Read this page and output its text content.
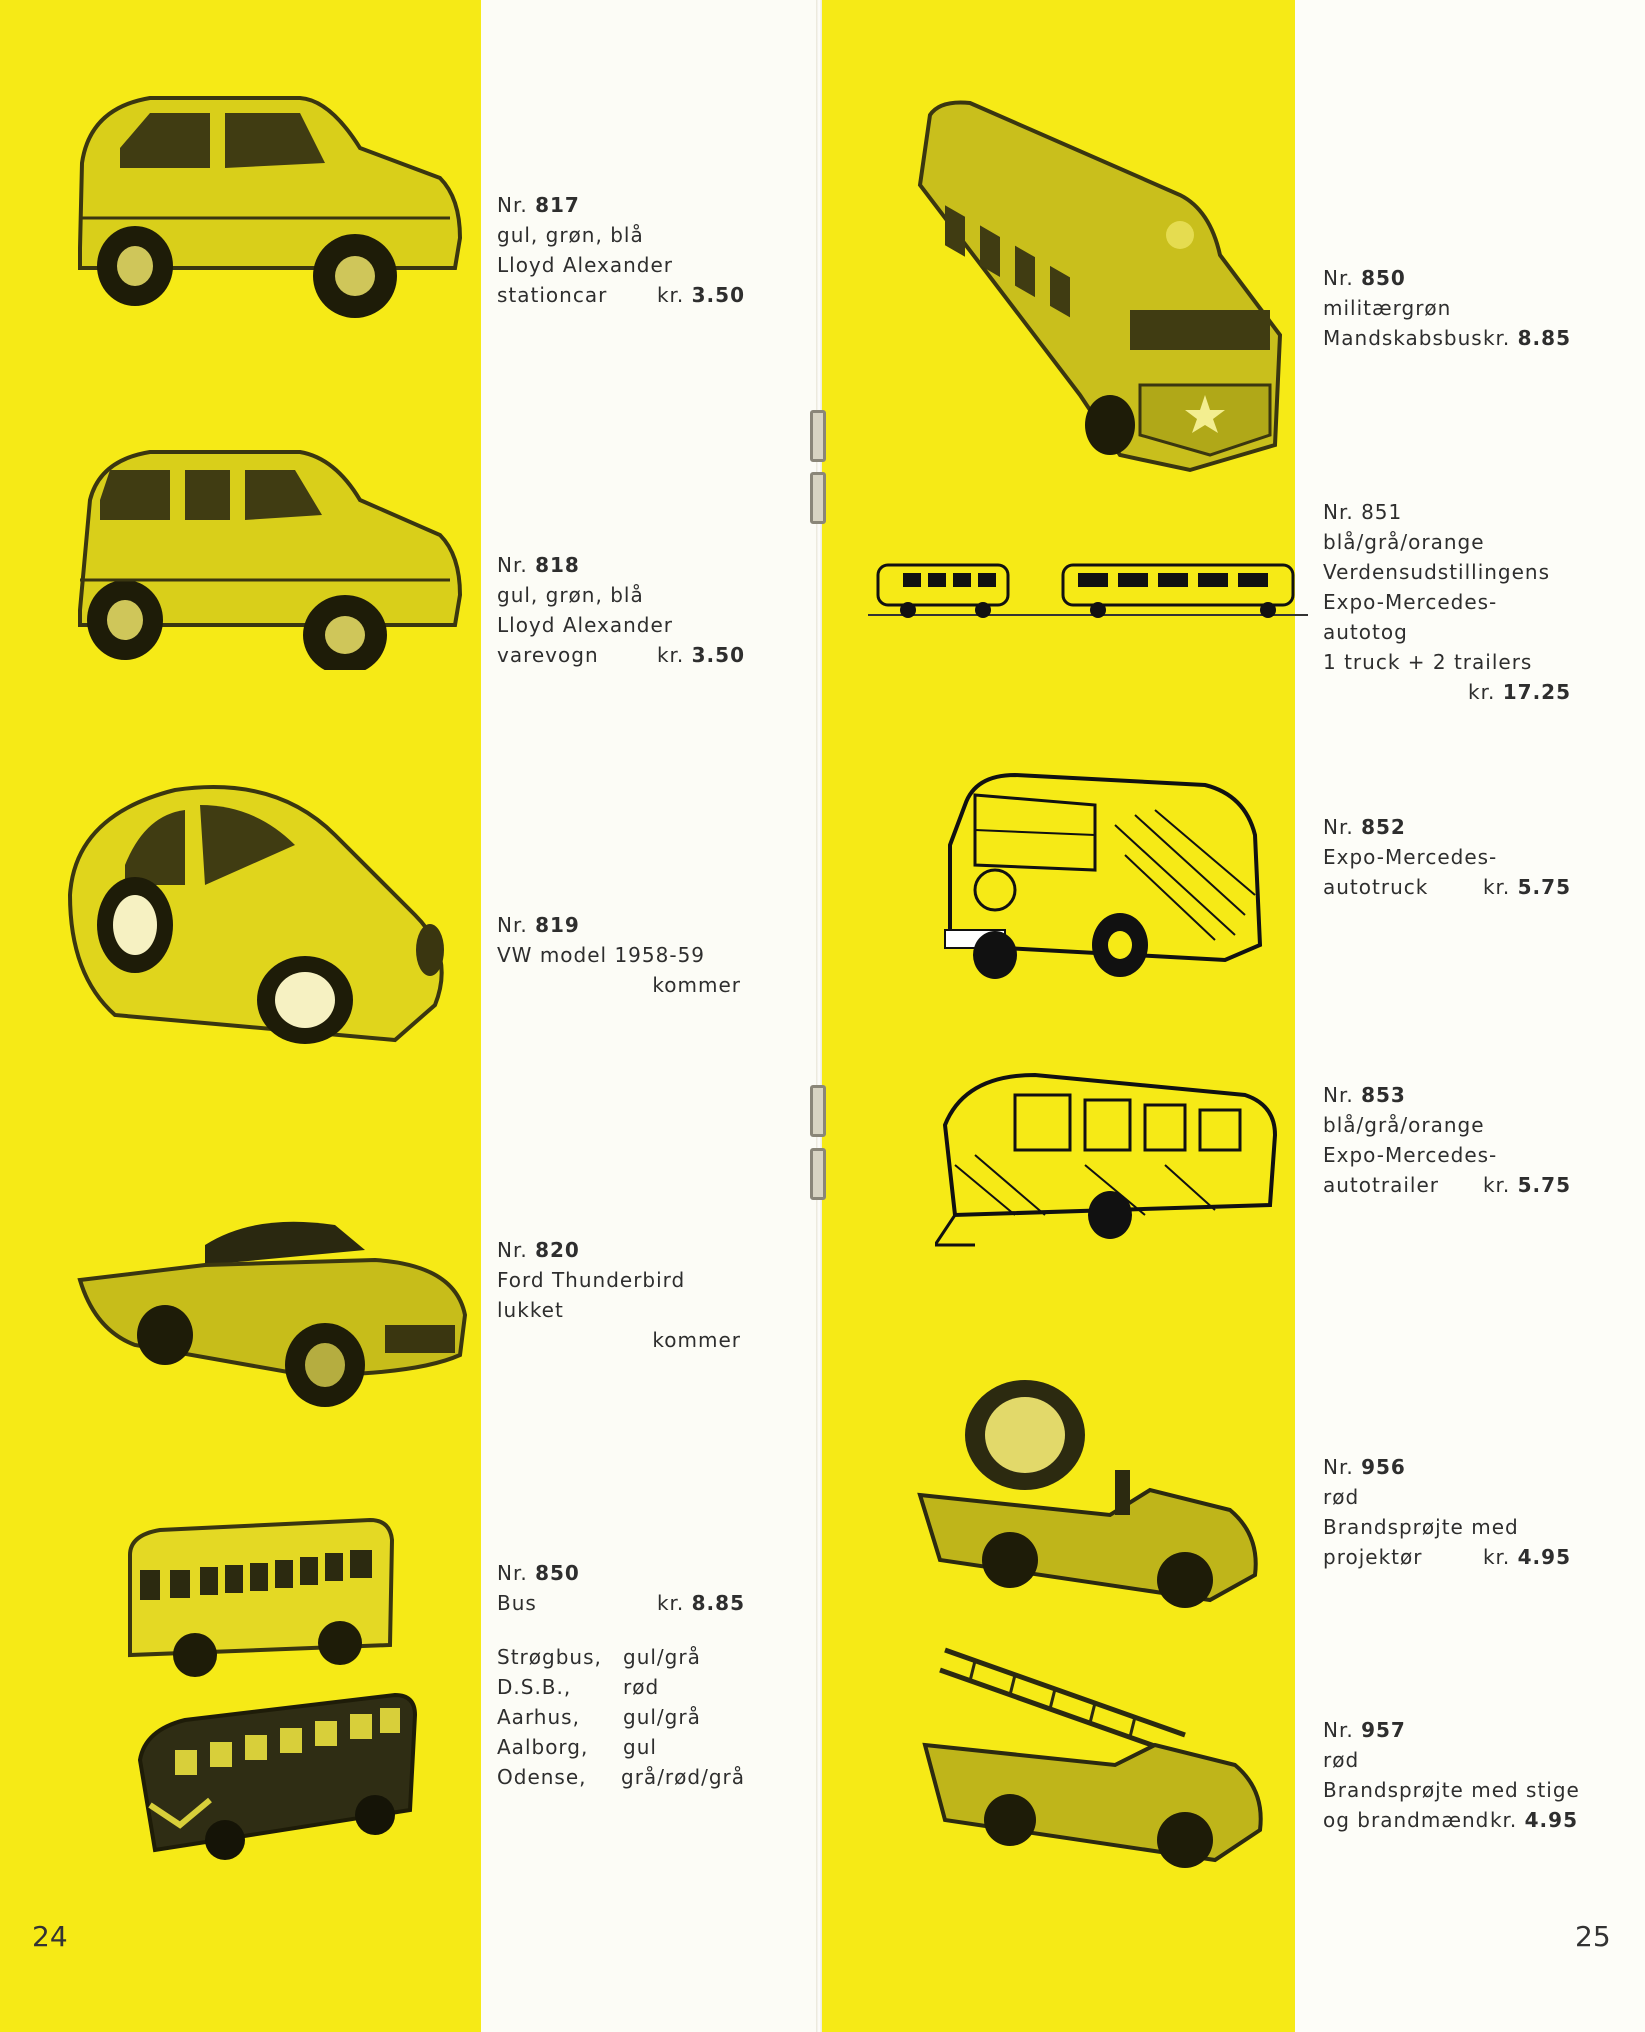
Nr. 817
gul, grøn, blå
Lloyd Alexander
stationcar kr. 3.50
Nr. 818
gul, grøn, blå
Lloyd Alexander
varevogn	kr. 3.50
Nr. 819
VW model 1958-59
kommer
Nr. 820
Ford Thunderbird
lukket
kommer
Nr. 850
Bus	kr. 8.85
Strøgbus,	gul/grå
D.S.B.,	rød
Aarhus,	gul/grå
Aalborg,	gul
Odense,	grå/rød/grå
24
Nr. 850
militærgrøn
Mandskabsbus kr. 8.85
Nr. 851
blå/grå/orange
Verdensudstillingens
Expo-Mercedes-
autotog
1 truck + 2 trailers
kr. 17.25
Nr. 852
Expo-Mercedes-
autotruck	kr. 5.75
Nr. 853
blå/grå/orange
Expo-Mercedes-
autotrailer kr. 5.75
Nr. 956
rød
Brandsprøjte med
projektør	kr. 4.95
Nr. 957
rød
Brandsprøjte med stige
og brandmænd kr. 4.95
25
